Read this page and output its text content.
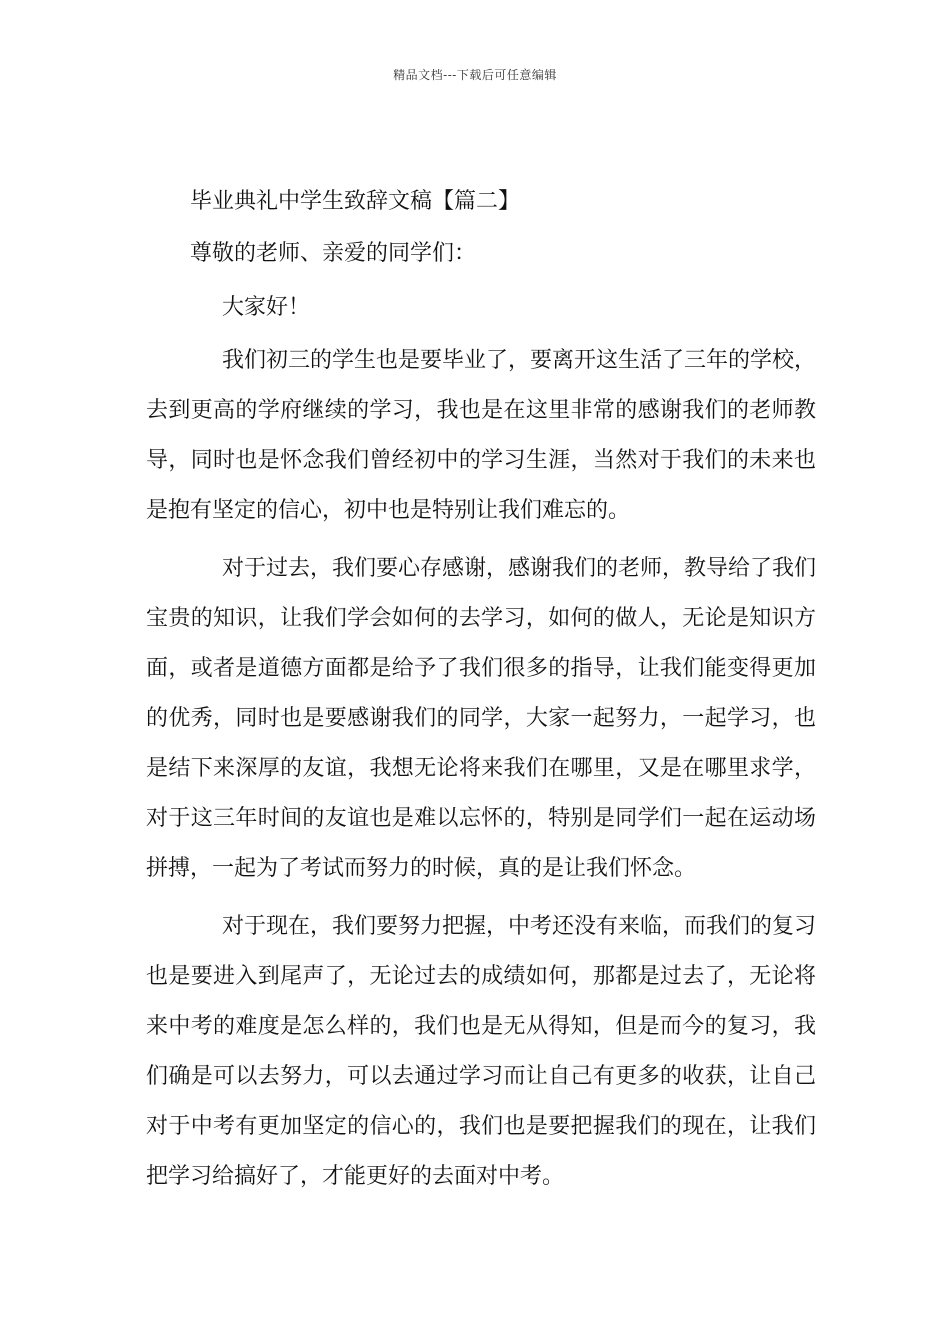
精品文档---下载后可任意编辑

毕业典礼中学生致辞文稿【篇二】

尊敬的老师、亲爱的同学们：

大家好！

我们初三的学生也是要毕业了，要离开这生活了三年的学校，去到更高的学府继续的学习，我也是在这里非常的感谢我们的老师教导，同时也是怀念我们曾经初中的学习生涯，当然对于我们的未来也是抱有坚定的信心，初中也是特别让我们难忘的。

对于过去，我们要心存感谢，感谢我们的老师，教导给了我们宝贵的知识，让我们学会如何的去学习，如何的做人，无论是知识方面，或者是道德方面都是给予了我们很多的指导，让我们能变得更加的优秀，同时也是要感谢我们的同学，大家一起努力，一起学习，也是结下来深厚的友谊，我想无论将来我们在哪里，又是在哪里求学，对于这三年时间的友谊也是难以忘怀的，特别是同学们一起在运动场拼搏，一起为了考试而努力的时候，真的是让我们怀念。

对于现在，我们要努力把握，中考还没有来临，而我们的复习也是要进入到尾声了，无论过去的成绩如何，那都是过去了，无论将来中考的难度是怎么样的，我们也是无从得知，但是而今的复习，我们确是可以去努力，可以去通过学习而让自己有更多的收获，让自己对于中考有更加坚定的信心的，我们也是要把握我们的现在，让我们把学习给搞好了，才能更好的去面对中考。
